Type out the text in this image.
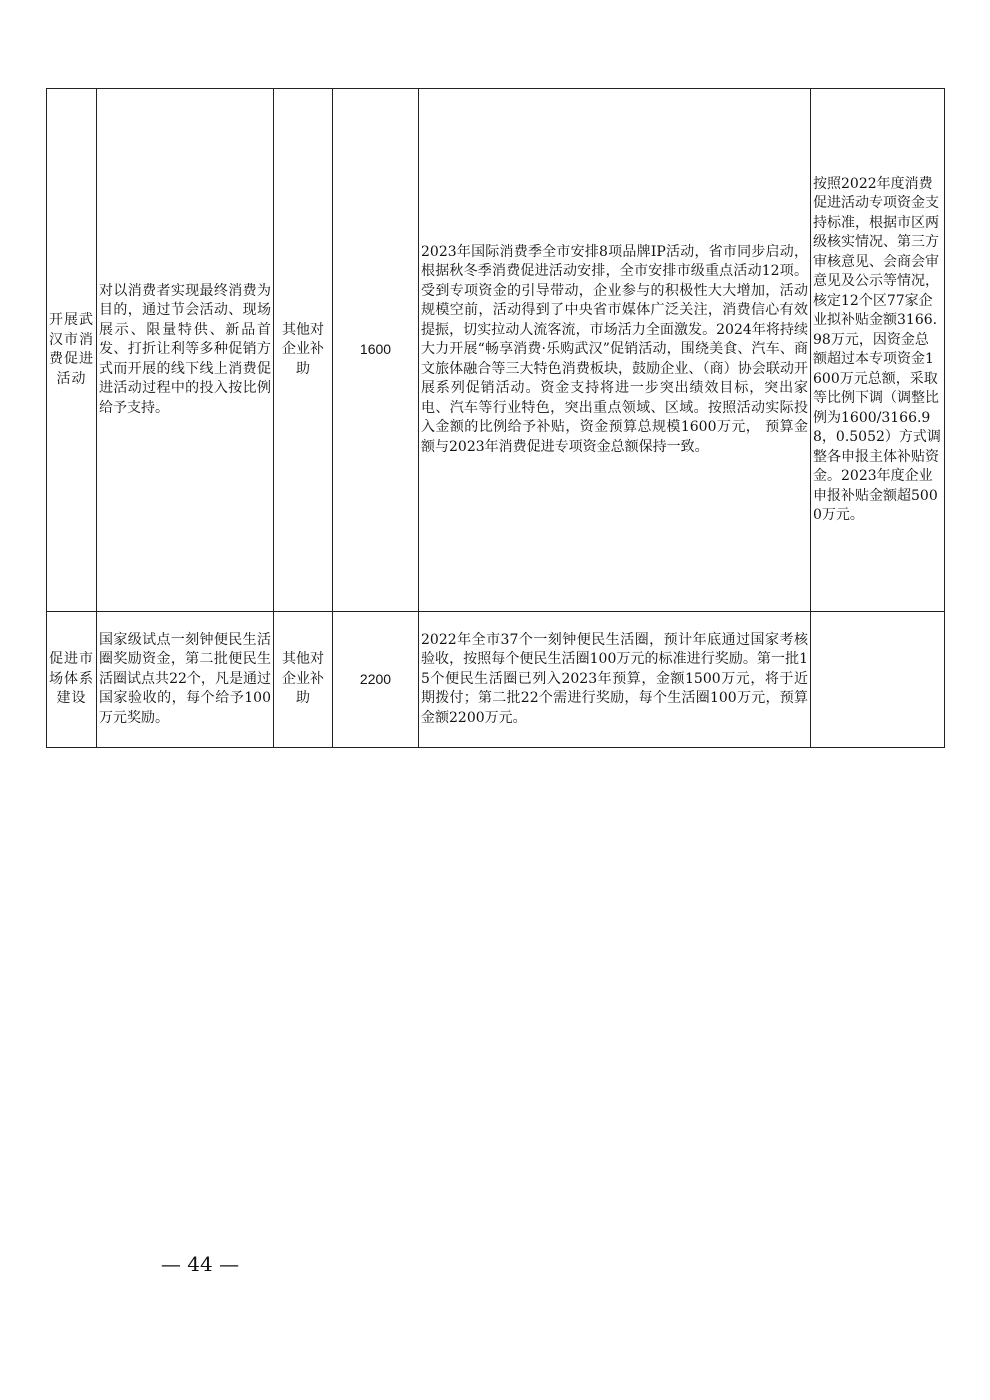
开展武汉市消费促进活动	对以消费者实现最终消费为目的，通过节会活动、现场展示、限量特供、新品首发、打折让利等多种促销方式而开展的线下线上消费促进活动过程中的投入按比例给予支持。	其他对企业补助	1600	2023年国际消费季全市安排8项品牌IP活动，省市同步启动，根据秋冬季消费促进活动安排，全市安排市级重点活动12项。受到专项资金的引导带动，企业参与的积极性大大增加，活动规模空前，活动得到了中央省市媒体广泛关注，消费信心有效提振，切实拉动人流客流，市场活力全面激发。2024年将持续大力开展“畅享消费·乐购武汉”促销活动，围绕美食、汽车、商文旅体融合等三大特色消费板块，鼓励企业、（商）协会联动开展系列促销活动。资金支持将进一步突出绩效目标，突出家电、汽车等行业特色，突出重点领域、区域。按照活动实际投入金额的比例给予补贴，资金预算总规模1600万元， 预算金额与2023年消费促进专项资金总额保持一致。	按照2022年度消费促进活动专项资金支持标准，根据市区两级核实情况、第三方审核意见、会商会审意见及公示等情况，核定12个区77家企业拟补贴金额3166.98万元，因资金总额超过本专项资金1600万元总额，采取等比例下调（调整比例为1600/3166.98，0.5052）方式调整各申报主体补贴资金。2023年度企业申报补贴金额超5000万元。
促进市场体系建设	国家级试点一刻钟便民生活圈奖励资金，第二批便民生活圈试点共22个，凡是通过国家验收的，每个给予100万元奖励。	其他对企业补助	2200	2022年全市37个一刻钟便民生活圈，预计年底通过国家考核验收，按照每个便民生活圈100万元的标准进行奖励。第一批15个便民生活圈已列入2023年预算，金额1500万元，将于近期拨付；第二批22个需进行奖励，每个生活圈100万元，预算金额2200万元。	
— 44 —
